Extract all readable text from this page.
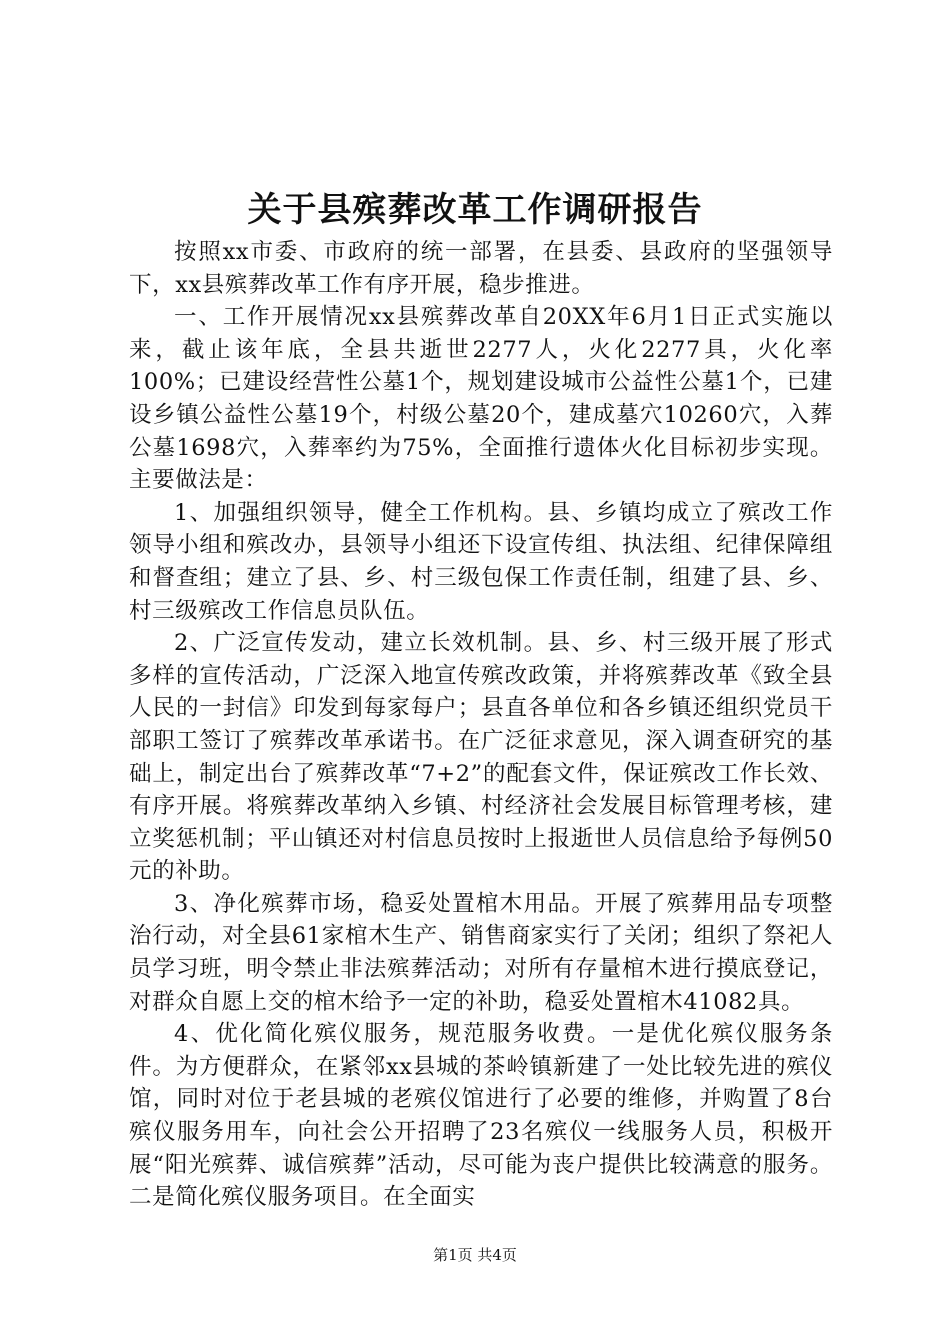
关于县殡葬改革工作调研报告

按照xx市委、市政府的统一部署，在县委、县政府的坚强领导下，xx县殡葬改革工作有序开展，稳步推进。

一、工作开展情况xx县殡葬改革自20XX年6月1日正式实施以来，截止该年底，全县共逝世2277人，火化2277具，火化率100%；已建设经营性公墓1个，规划建设城市公益性公墓1个，已建设乡镇公益性公墓19个，村级公墓20个，建成墓穴10260穴，入葬公墓1698穴，入葬率约为75%，全面推行遗体火化目标初步实现。主要做法是：

1、加强组织领导，健全工作机构。县、乡镇均成立了殡改工作领导小组和殡改办，县领导小组还下设宣传组、执法组、纪律保障组和督查组；建立了县、乡、村三级包保工作责任制，组建了县、乡、村三级殡改工作信息员队伍。

2、广泛宣传发动，建立长效机制。县、乡、村三级开展了形式多样的宣传活动，广泛深入地宣传殡改政策，并将殡葬改革《致全县人民的一封信》印发到每家每户；县直各单位和各乡镇还组织党员干部职工签订了殡葬改革承诺书。在广泛征求意见，深入调查研究的基础上，制定出台了殡葬改革“7+2”的配套文件，保证殡改工作长效、有序开展。将殡葬改革纳入乡镇、村经济社会发展目标管理考核，建立奖惩机制；平山镇还对村信息员按时上报逝世人员信息给予每例50元的补助。

3、净化殡葬市场，稳妥处置棺木用品。开展了殡葬用品专项整治行动，对全县61家棺木生产、销售商家实行了关闭；组织了祭祀人员学习班，明令禁止非法殡葬活动；对所有存量棺木进行摸底登记，对群众自愿上交的棺木给予一定的补助，稳妥处置棺木41082具。

4、优化简化殡仪服务，规范服务收费。一是优化殡仪服务条件。为方便群众，在紧邻xx县城的茶岭镇新建了一处比较先进的殡仪馆，同时对位于老县城的老殡仪馆进行了必要的维修，并购置了8台殡仪服务用车，向社会公开招聘了23名殡仪一线服务人员，积极开展“阳光殡葬、诚信殡葬”活动，尽可能为丧户提供比较满意的服务。二是简化殡仪服务项目。在全面实

第1页 共4页
